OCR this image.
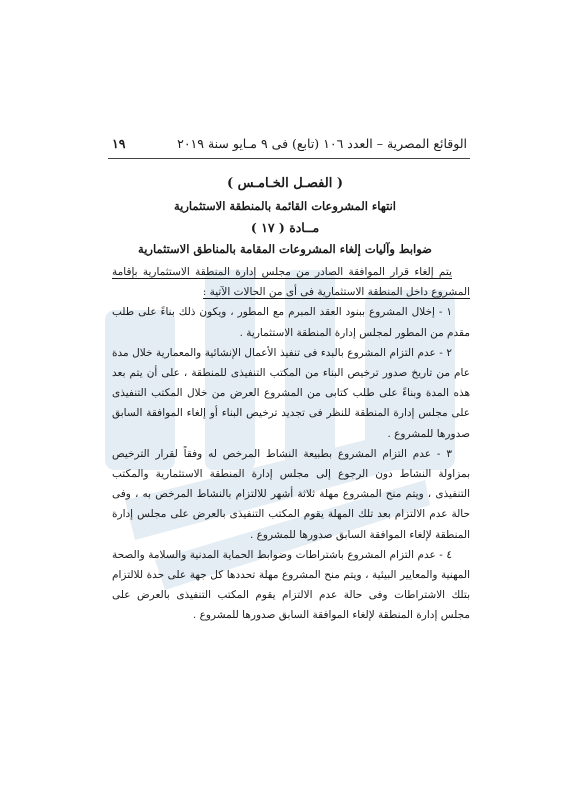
الوقائع المصرية – العدد ١٠٦ (تابع) فى ٩ مـايو سنة ٢٠١٩
١٩
( الفصـل الخـامـس )
انتهاء المشروعات القائمة بالمنطقة الاستثمارية
مــادة ( ١٧ )
ضوابط وآليات إلغاء المشروعات المقامة بالمناطق الاستثمارية

يتم إلغاء قرار الموافقة الصادر من مجلس إدارة المنطقة الاستثمارية بإقامة المشروع داخل المنطقة الاستثمارية فى أى من الحالات الآتية :

١ - إخلال المشروع ببنود العقد المبرم مع المطور ، ويكون ذلك بناءً على طلب مقدم من المطور لمجلس إدارة المنطقة الاستثمارية .

٢ - عدم التزام المشروع بالبدء فى تنفيذ الأعمال الإنشائية والمعمارية خلال مدة عام من تاريخ صدور ترخيص البناء من المكتب التنفيذى للمنطقة ، على أن يتم بعد هذه المدة وبناءً على طلب كتابى من المشروع العرض من خلال المكتب التنفيذى على مجلس إدارة المنطقة للنظر فى تجديد ترخيص البناء أو إلغاء الموافقة السابق صدورها للمشروع .

٣ - عدم التزام المشروع بطبيعة النشاط المرخص له وفقاً لقرار الترخيص بمزاولة النشاط دون الرجوع إلى مجلس إدارة المنطقة الاستثمارية والمكتب التنفيذى ، ويتم منح المشروع مهلة ثلاثة أشهر للالتزام بالنشاط المرخص به ، وفى حالة عدم الالتزام بعد تلك المهلة يقوم المكتب التنفيذى بالعرض على مجلس إدارة المنطقة لإلغاء الموافقة السابق صدورها للمشروع .

٤ - عدم التزام المشروع باشتراطات وضوابط الحماية المدنية والسلامة والصحة المهنية والمعايير البيئية ، ويتم منح المشروع مهلة تحددها كل جهة على حدة للالتزام بتلك الاشتراطات وفى حالة عدم الالتزام يقوم المكتب التنفيذى بالعرض على مجلس إدارة المنطقة لإلغاء الموافقة السابق صدورها للمشروع .
